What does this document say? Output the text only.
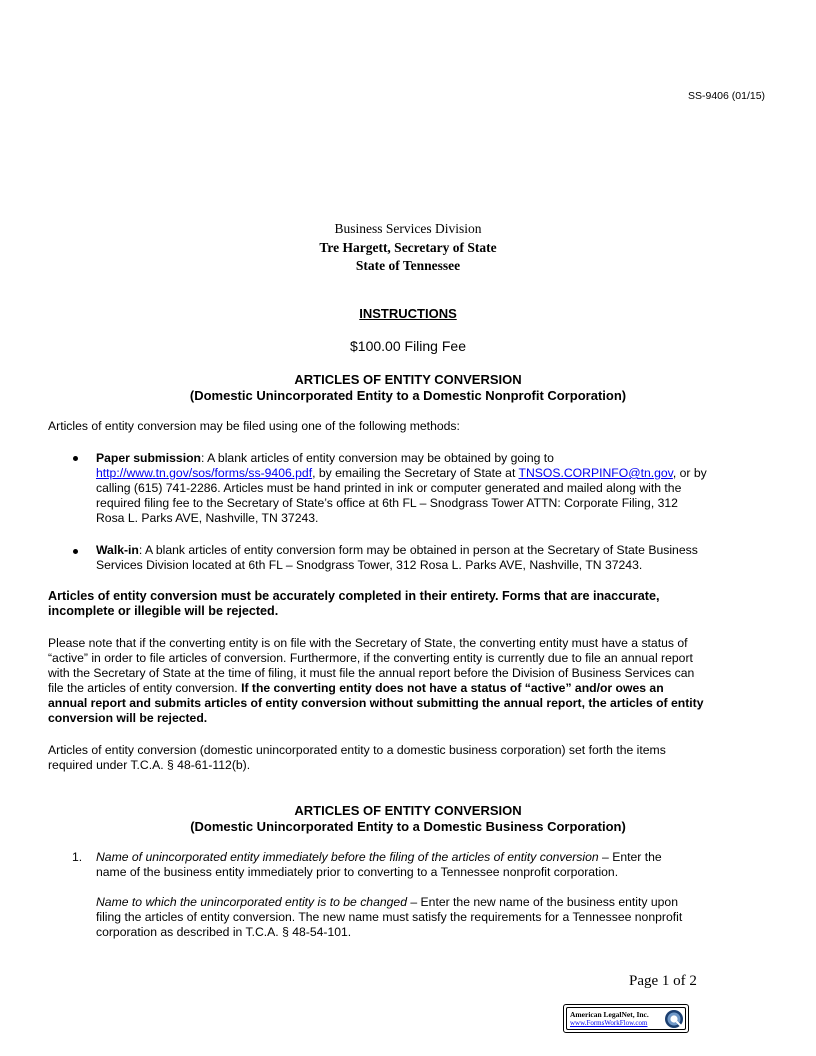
SS-9406 (01/15)
Business Services Division
Tre Hargett, Secretary of State
State of Tennessee
INSTRUCTIONS
$100.00 Filing Fee
ARTICLES OF ENTITY CONVERSION
(Domestic Unincorporated Entity to a Domestic Nonprofit Corporation)
Articles of entity conversion may be filed using one of the following methods:
Paper submission: A blank articles of entity conversion may be obtained by going to
http://www.tn.gov/sos/forms/ss-9406.pdf, by emailing the Secretary of State at TNSOS.CORPINFO@tn.gov, or by
calling (615) 741-2286. Articles must be hand printed in ink or computer generated and mailed along with the
required filing fee to the Secretary of State’s office at 6th FL – Snodgrass Tower ATTN: Corporate Filing, 312
Rosa L. Parks AVE, Nashville, TN 37243.
Walk-in: A blank articles of entity conversion form may be obtained in person at the Secretary of State Business
Services Division located at 6th FL – Snodgrass Tower, 312 Rosa L. Parks AVE, Nashville, TN 37243.
Articles of entity conversion must be accurately completed in their entirety. Forms that are inaccurate,
incomplete or illegible will be rejected.
Please note that if the converting entity is on file with the Secretary of State, the converting entity must have a status of
“active” in order to file articles of conversion. Furthermore, if the converting entity is currently due to file an annual report
with the Secretary of State at the time of filing, it must file the annual report before the Division of Business Services can
file the articles of entity conversion. If the converting entity does not have a status of “active” and/or owes an
annual report and submits articles of entity conversion without submitting the annual report, the articles of entity
conversion will be rejected.
Articles of entity conversion (domestic unincorporated entity to a domestic business corporation) set forth the items
required under T.C.A. § 48-61-112(b).
ARTICLES OF ENTITY CONVERSION
(Domestic Unincorporated Entity to a Domestic Business Corporation)
1. Name of unincorporated entity immediately before the filing of the articles of entity conversion – Enter the
name of the business entity immediately prior to converting to a Tennessee nonprofit corporation.
Name to which the unincorporated entity is to be changed – Enter the new name of the business entity upon
filing the articles of entity conversion. The new name must satisfy the requirements for a Tennessee nonprofit
corporation as described in T.C.A. § 48-54-101.
Page 1 of 2
American LegalNet, Inc.
www.FormsWorkFlow.com
